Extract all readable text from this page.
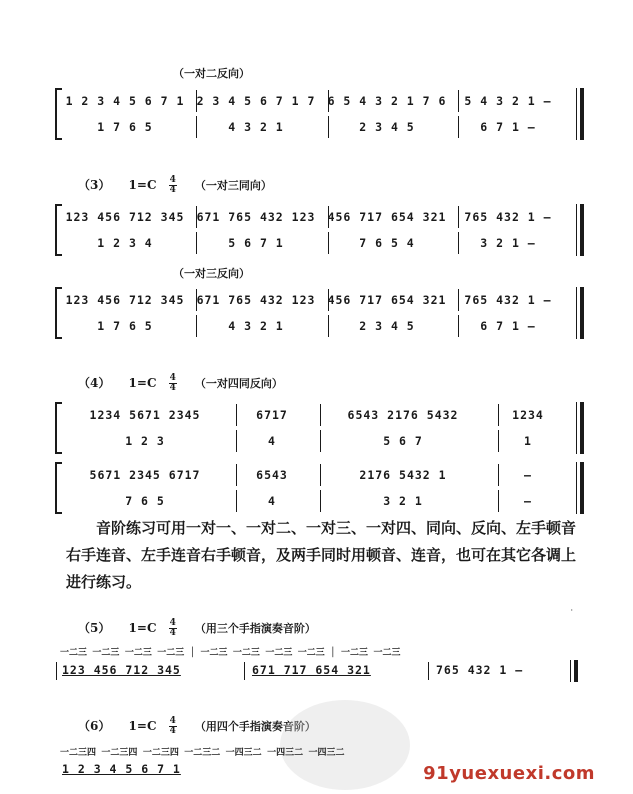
（一对二反向）
1 2 3 4 5 6 7 1	2 3 4 5 6 7 1 7	6 5 4 3 2 1 7 6	5 4 3 2 1 –
1 7 6 5	4 3 2 1	2 3 4 5	6 7 1 –
（3） $1=C \frac{4}{4}$ （一对三同向）
123 456 712 345	671 765 432 123	456 717 654 321	765 432 1 –
1 2 3 4	5 6 7 1	7 6 5 4	3 2 1 –
（一对三反向）
123 456 712 345	671 765 432 123	456 717 654 321	765 432 1 –
1 7 6 5	4 3 2 1	2 3 4 5	6 7 1 –
（4） $1=C \frac{4}{4}$ （一对四同反向）
1234 5671 2345	6717	6543 2176 5432	1234
1 2 3	4	5 6 7	1
5671 2345 6717	6543	2176 5432 1	–
7 6 5	4	3 2 1	–

音阶练习可用一对一、一对二、一对三、一对四、同向、反向、左手顿音右手连音、左手连音右手顿音，及两手同时用顿音、连音，也可在其它各调上进行练习。

·
（5） $1=C \frac{4}{4}$ （用三个手指演奏音阶）
一二三 一二三 一二三 一二三 │ 一二三 一二三 一二三 一二三 │ 一二三 一二三
123 456 712 345	671 717 654 321	765 432 1 –
（6） $1=C \frac{4}{4}$ （用四个手指演奏音阶）
一二三四 一二三四 一二三四 一二三二 一四三二 一四三二 一四三二
1 2 3 4 5 6 7 1	91yuexuexi.com
